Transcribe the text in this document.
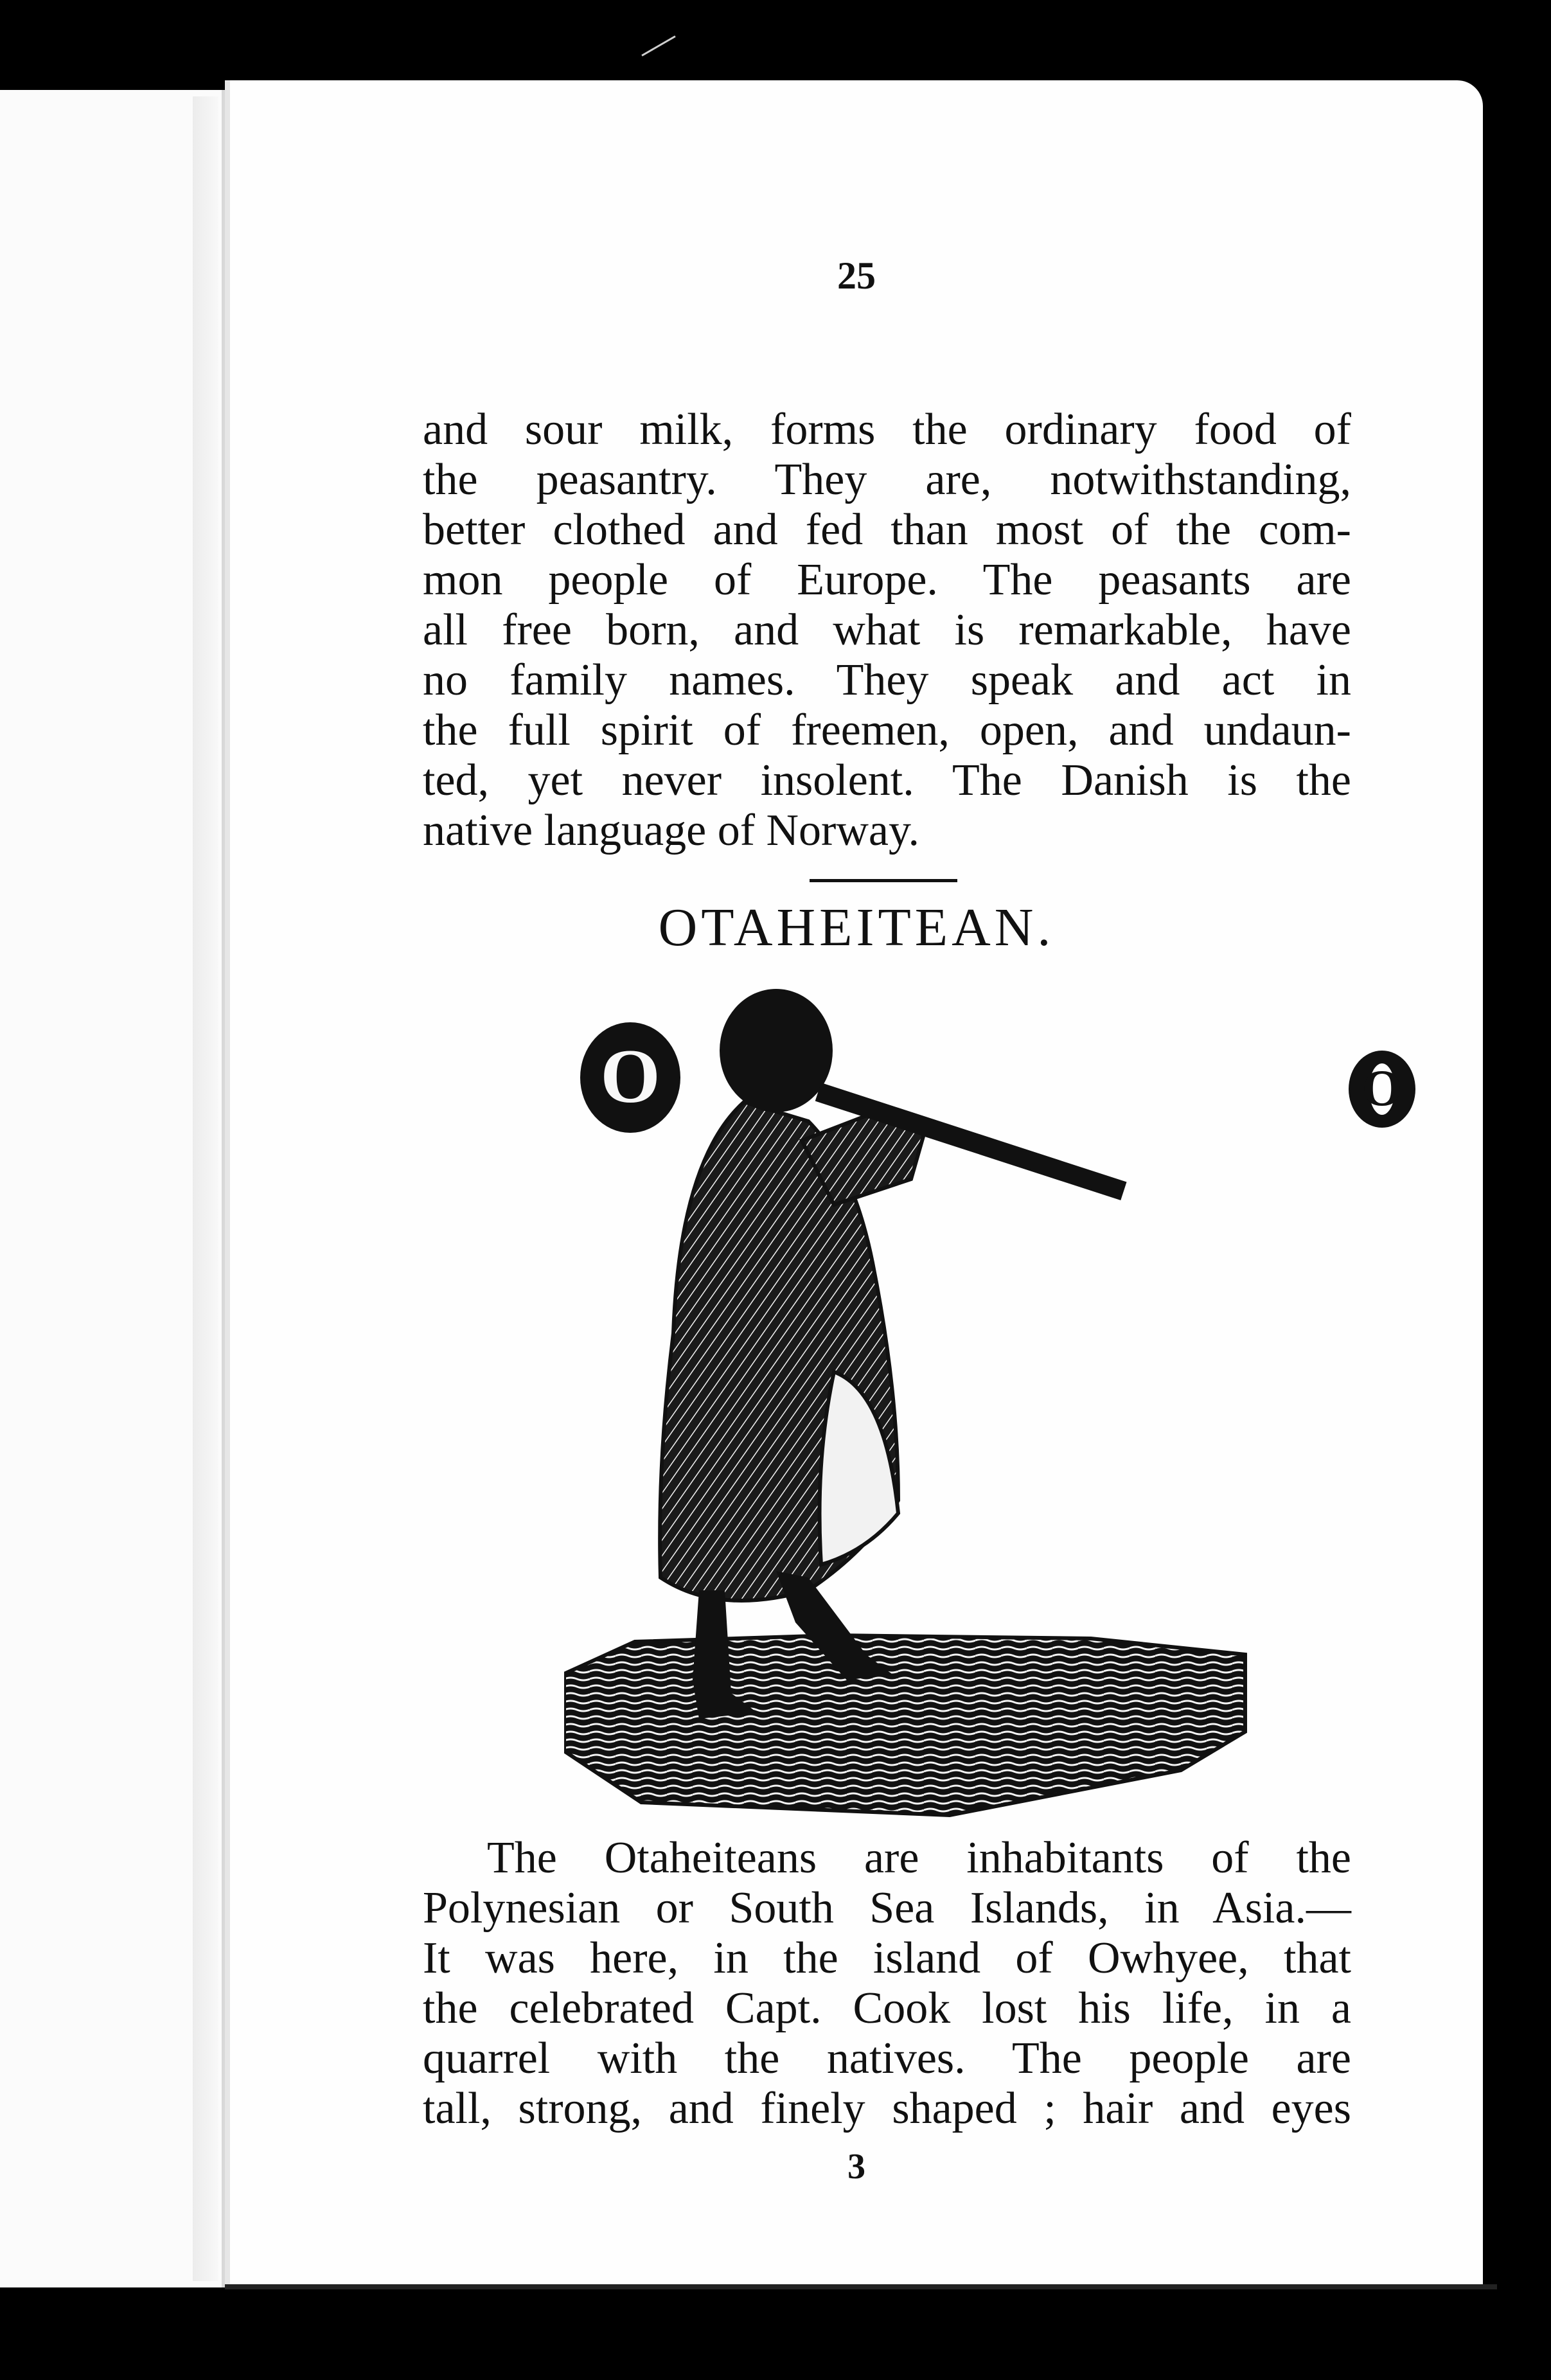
25
and sour milk, forms the ordinary food of
the peasantry. They are, notwithstanding,
better clothed and fed than most of the com-
mon people of Europe. The peasants are
all free born, and what is remarkable, have
no family names. They speak and act in
the full spirit of freemen, open, and undaun-
ted, yet never insolent. The Danish is the
native language of Norway.
OTAHEITEAN.
O	O
The Otaheiteans are inhabitants of the
Polynesian or South Sea Islands, in Asia.—
It was here, in the island of Owhyee, that
the celebrated Capt. Cook lost his life, in a
quarrel with the natives. The people are
tall, strong, and finely shaped ; hair and eyes
3
